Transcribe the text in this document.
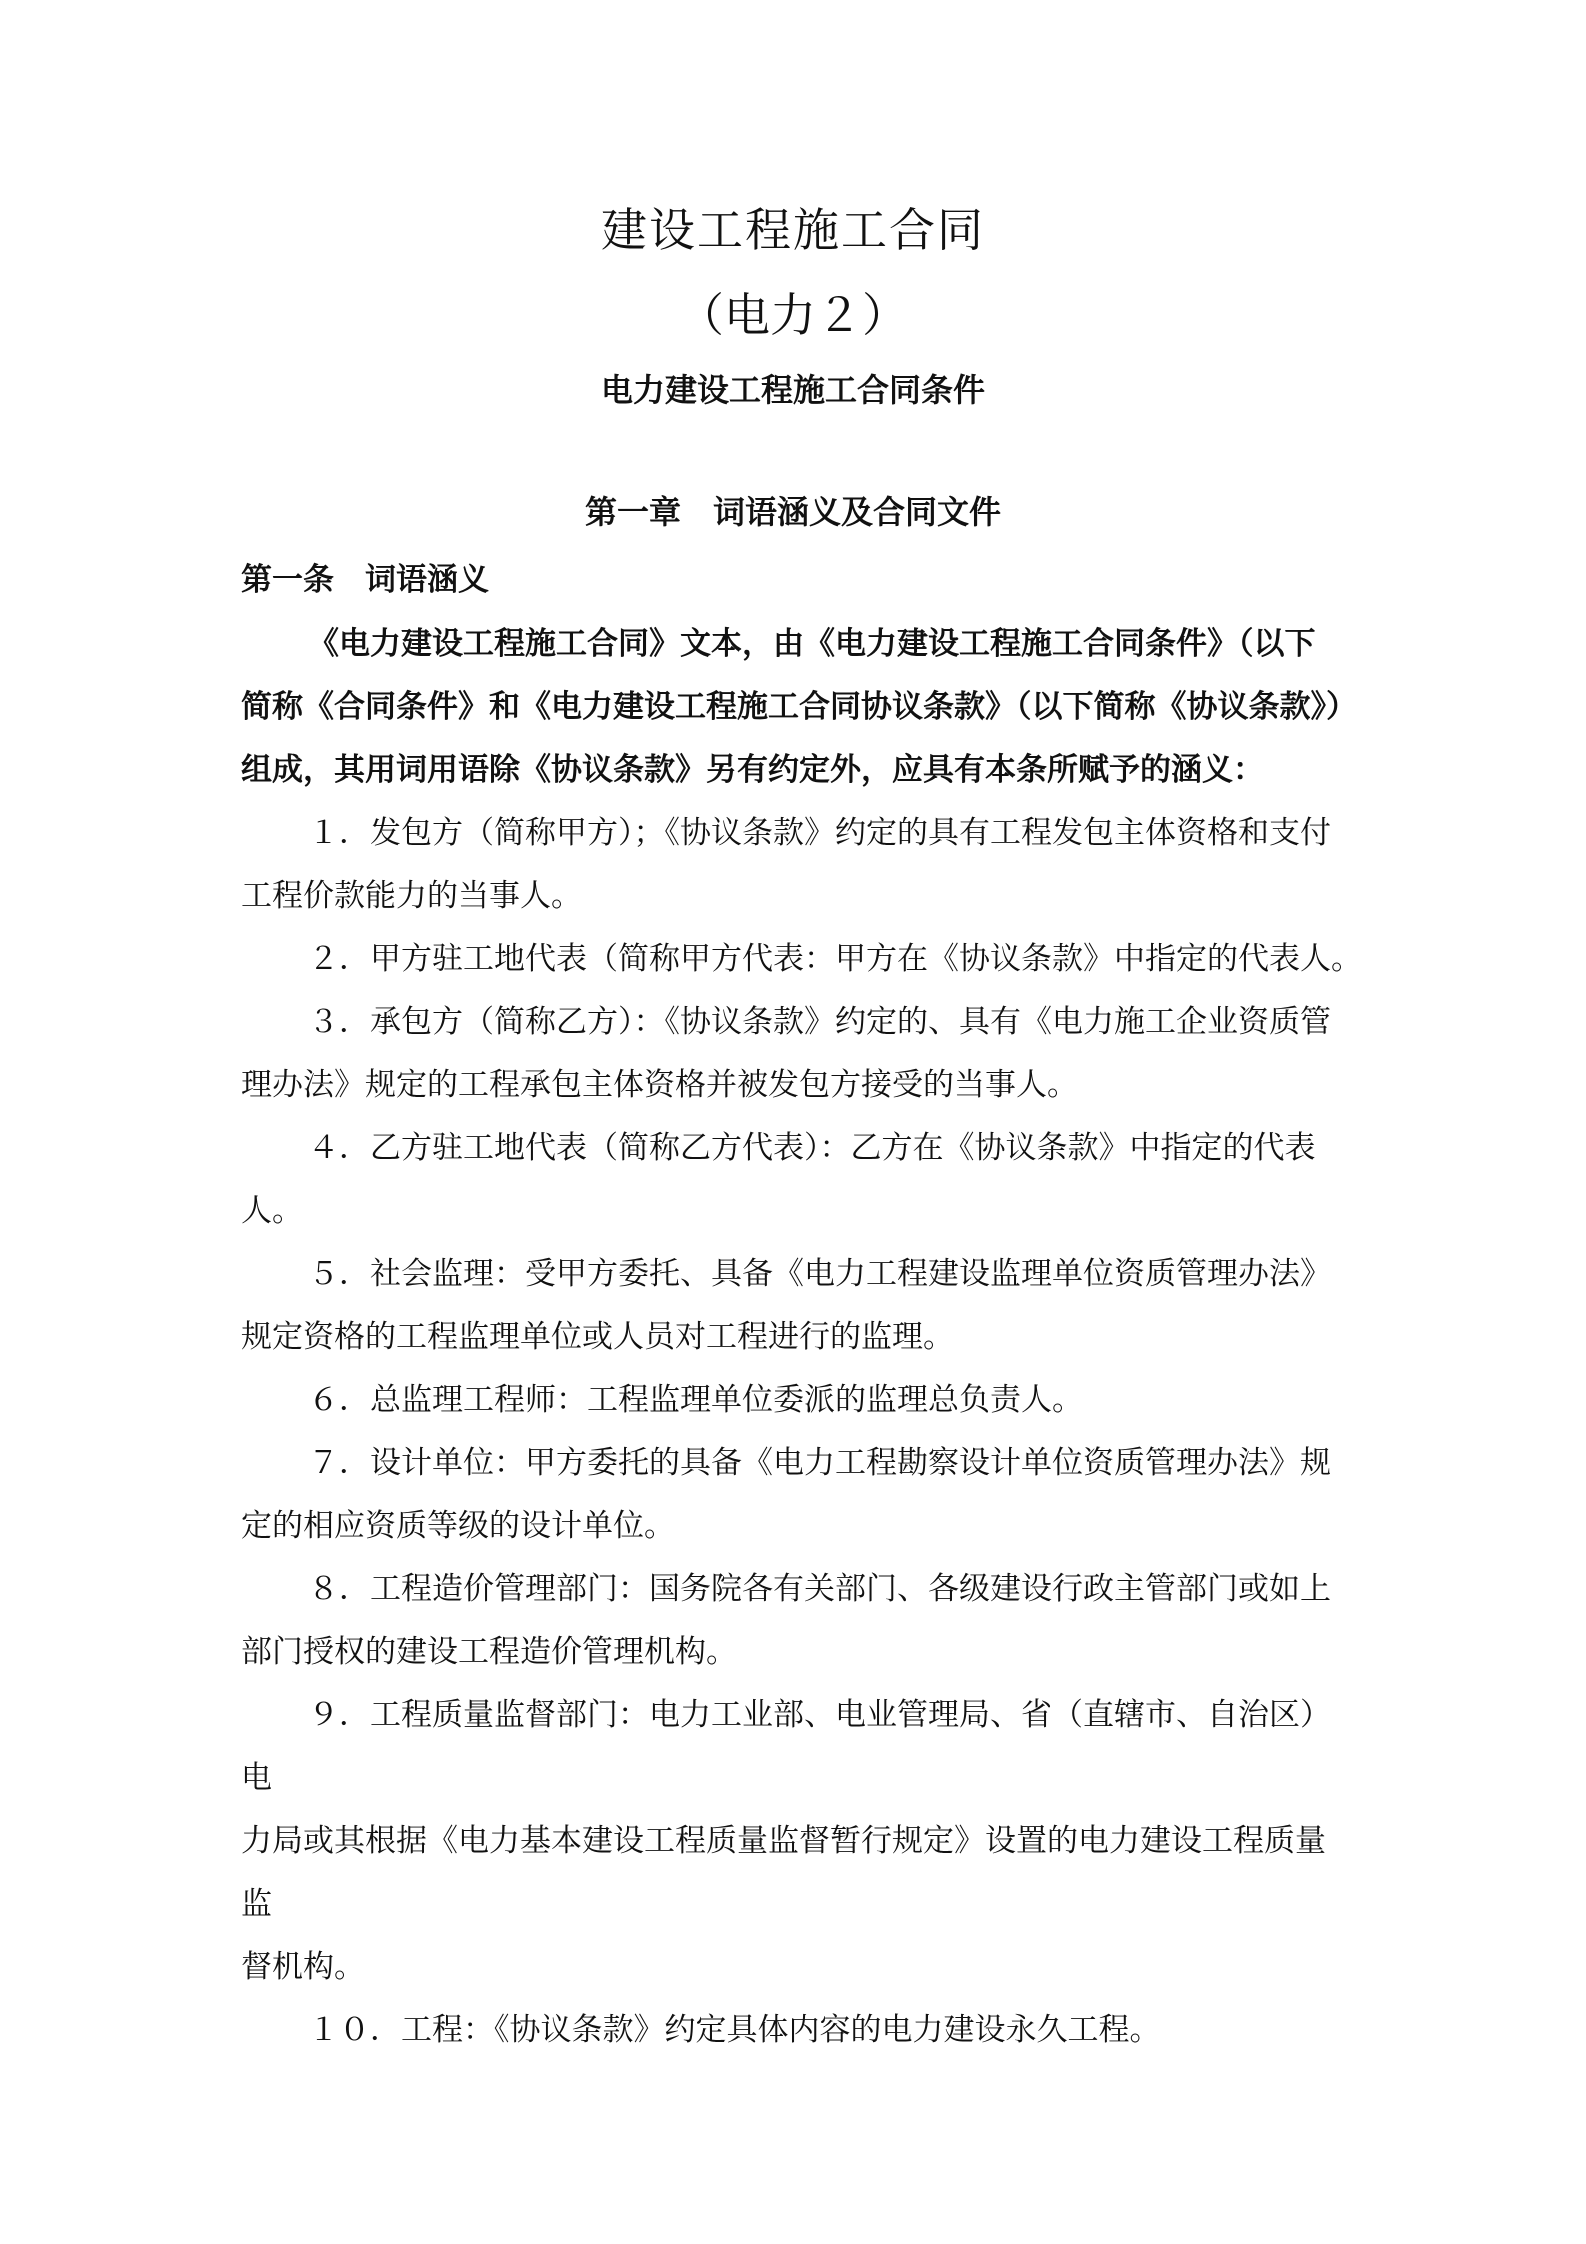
建设工程施工合同
（电力２）
电力建设工程施工合同条件
第一章　词语涵义及合同文件
第一条　词语涵义
《电力建设工程施工合同》文本，由《电力建设工程施工合同条件》（以下
简称《合同条件》和《电力建设工程施工合同协议条款》（以下简称《协议条款》）
组成，其用词用语除《协议条款》另有约定外，应具有本条所赋予的涵义：
１．发包方（简称甲方）；《协议条款》约定的具有工程发包主体资格和支付
工程价款能力的当事人。
２．甲方驻工地代表（简称甲方代表：甲方在《协议条款》中指定的代表人。
３．承包方（简称乙方）：《协议条款》约定的、具有《电力施工企业资质管
理办法》规定的工程承包主体资格并被发包方接受的当事人。
４．乙方驻工地代表（简称乙方代表）：乙方在《协议条款》中指定的代表
人。
５．社会监理：受甲方委托、具备《电力工程建设监理单位资质管理办法》
规定资格的工程监理单位或人员对工程进行的监理。
６．总监理工程师：工程监理单位委派的监理总负责人。
７．设计单位：甲方委托的具备《电力工程勘察设计单位资质管理办法》规
定的相应资质等级的设计单位。
８．工程造价管理部门：国务院各有关部门、各级建设行政主管部门或如上
部门授权的建设工程造价管理机构。
９．工程质量监督部门：电力工业部、电业管理局、省（直辖市、自治区）
电
力局或其根据《电力基本建设工程质量监督暂行规定》设置的电力建设工程质量
监
督机构。
１０．工程：《协议条款》约定具体内容的电力建设永久工程。
